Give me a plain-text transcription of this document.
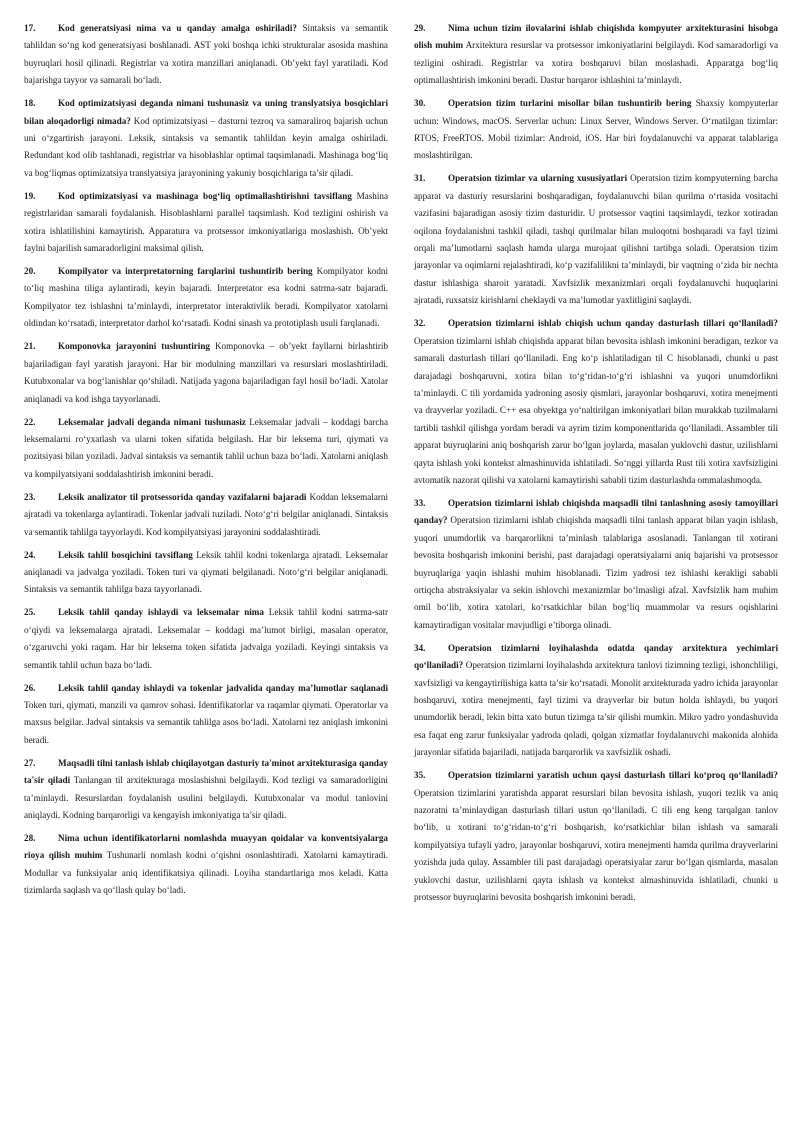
17. Kod generatsiyasi nima va u qanday amalga oshiriladi? Sintaksis va semantik tahlildan so‘ng kod generatsiyasi boshlanadi. AST yoki boshqa ichki strukturalar asosida mashina buyruqlari hosil qilinadi. Registrlar va xotira manzillari aniqlanadi. Ob’yekt fayl yaratiladi. Kod bajarishga tayyor va samarali bo‘ladi.

18. Kod optimizatsiyasi deganda nimani tushunasiz va uning translyatsiya bosqichlari bilan aloqadorligi nimada? Kod optimizatsiyasi – dasturni tezroq va samaraliroq bajarish uchun uni o‘zgartirish jarayoni. Leksik, sintaksis va semantik tahlildan keyin amalga oshiriladi. Redundant kod olib tashlanadi, registrlar va hisoblashlar optimal taqsimlanadi. Mashinaga bog‘liq va bog‘liqmas optimizatsiya translyatsiya jarayonining yakuniy bosqichlariga ta’sir qiladi.

19. Kod optimizatsiyasi va mashinaga bog‘liq optimallashtirishni tavsiflang Mashina registrlaridan samarali foydalanish. Hisoblashlarni parallel taqsimlash. Kod tezligini oshirish va xotira ishlatilishini kamaytirish. Apparatura va protsessor imkoniyatlariga moslashish. Ob’yekt faylni bajarilish samaradorligini maksimal qilish.

20. Kompilyator va interpretatorning farqlarini tushuntirib bering Kompilyator kodni to‘liq mashina tiliga aylantiradi, keyin bajaradi. Interpretator esa kodni satrma-satr bajaradi. Kompilyator tez ishlashni ta’minlaydi, interpretator interaktivlik beradi. Kompilyator xatolarni oldindan ko‘rsatadi, interpretator darhol ko‘rsatadi. Kodni sinash va prototiplash usuli farqlanadi.

21. Komponovka jarayonini tushuntiring Komponovka – ob’yekt fayllarni birlashtirib bajariladigan fayl yaratish jarayoni. Har bir modulning manzillari va resurslari moslashtiriladi. Kutubxonalar va bog‘lanishlar qo‘shiladi. Natijada yagona bajariladigan fayl hosil bo‘ladi. Xatolar aniqlanadi va kod ishga tayyorlanadi.

22. Leksemalar jadvali deganda nimani tushunasiz Leksemalar jadvali – koddagi barcha leksemalarni ro‘yxatlash va ularni token sifatida belgilash. Har bir leksema turi, qiymati va pozitsiyasi bilan yoziladi. Jadval sintaksis va semantik tahlil uchun baza bo‘ladi. Xatolarni aniqlash va kompilyatsiyani soddalashtirish imkonini beradi.

23. Leksik analizator til protsessorida qanday vazifalarni bajaradi Koddan leksemalarni ajratadi va tokenlarga aylantiradi. Tokenlar jadvali tuziladi. Noto‘g‘ri belgilar aniqlanadi. Sintaksis va semantik tahlilga tayyorlaydi. Kod kompilyatsiyasi jarayonini soddalashtiradi.

24. Leksik tahlil bosqichini tavsiflang Leksik tahlil kodni tokenlarga ajratadi. Leksemalar aniqlanadi va jadvalga yoziladi. Token turi va qiymati belgilanadi. Noto‘g‘ri belgilar aniqlanadi. Sintaksis va semantik tahlilga baza tayyorlanadi.

25. Leksik tahlil qanday ishlaydi va leksemalar nima Leksik tahlil kodni satrma-satr o‘qiydi va leksemalarga ajratadi. Leksemalar – koddagi ma’lumot birligi, masalan operator, o‘zgaruvchi yoki raqam. Har bir leksema token sifatida jadvalga yoziladi. Keyingi sintaksis va semantik tahlil uchun baza bo‘ladi.

26. Leksik tahlil qanday ishlaydi va tokenlar jadvalida qanday ma’lumotlar saqlanadi Token turi, qiymati, manzili va qamrov sohasi. Identifikatorlar va raqamlar qiymati. Operatorlar va maxsus belgilar. Jadval sintaksis va semantik tahlilga asos bo‘ladi. Xatolarni tez aniqlash imkonini beradi.

27. Maqsadli tilni tanlash ishlab chiqilayotgan dasturiy ta'minot arxitekturasiga qanday ta'sir qiladi Tanlangan til arxitekturaga moslashishni belgilaydi. Kod tezligi va samaradorligini ta’minlaydi. Resurslardan foydalanish usulini belgilaydi. Kutubxonalar va modul tanlovini aniqlaydi. Kodning barqarorligi va kengayish imkoniyatiga ta’sir qiladi.

28. Nima uchun identifikatorlarni nomlashda muayyan qoidalar va konventsiyalarga rioya qilish muhim Tushunarli nomlash kodni o‘qishni osonlashtiradi. Xatolarni kamaytiradi. Modullar va funksiyalar aniq identifikatsiya qilinadi. Loyiha standartlariga mos keladi. Katta tizimlarda saqlash va qo‘llash qulay bo‘ladi.

29. Nima uchun tizim ilovalarini ishlab chiqishda kompyuter arxitekturasini hisobga olish muhim Arxitektura resurslar va protsessor imkoniyatlarini belgilaydi. Kod samaradorligi va tezligini oshiradi. Registrlar va xotira boshqaruvi bilan moslashadi. Apparatga bog‘liq optimallashtirish imkonini beradi. Dastur barqaror ishlashini ta’minlaydi.

30. Operatsion tizim turlarini misollar bilan tushuntirib bering Shaxsiy kompyuterlar uchun: Windows, macOS. Serverlar uchun: Linux Server, Windows Server. O‘rnatilgan tizimlar: RTOS, FreeRTOS. Mobil tizimlar: Android, iOS. Har biri foydalanuvchi va apparat talablariga moslashtirilgan.

31. Operatsion tizimlar va ularning xususiyatlari Operatsion tizim kompyuterning barcha apparat va dasturiy resurslarini boshqaradigan, foydalanuvchi bilan qurilma o‘rtasida vositachi vazifasini bajaradigan asosiy tizim dasturidir. U protsessor vaqtini taqsimlaydi, tezkor xotiradan oqilona foydalanishni tashkil qiladi, tashqi qurilmalar bilan muloqotni boshqaradi va fayl tizimi orqali ma’lumotlarni saqlash hamda ularga murojaat qilishni tartibga soladi. Operatsion tizim jarayonlar va oqimlarni rejalashtiradi, ko‘p vazifalilikni ta’minlaydi, bir vaqtning o‘zida bir nechta dastur ishlashiga sharoit yaratadi. Xavfsizlik mexanizmlari orqali foydalanuvchi huquqlarini ajratadi, ruxsatsiz kirishlarni cheklaydi va ma’lumotlar yaxlitligini saqlaydi.

32. Operatsion tizimlarni ishlab chiqish uchun qanday dasturlash tillari qo‘llaniladi? Operatsion tizimlarni ishlab chiqishda apparat bilan bevosita ishlash imkonini beradigan, tezkor va samarali dasturlash tillari qo‘llaniladi. Eng ko‘p ishlatiladigan til C hisoblanadi, chunki u past darajadagi boshqaruvni, xotira bilan to‘g‘ridan-to‘g‘ri ishlashni va yuqori unumdorlikni ta’minlaydi. C tili yordamida yadroning asosiy qismlari, jarayonlar boshqaruvi, xotira menejmenti va drayverlar yoziladi. C++ esa obyektga yo‘naltirilgan imkoniyatlari bilan murakkab tuzilmalarni tartibli tashkil qilishga yordam beradi va ayrim tizim komponentlarida qo‘llaniladi. Assambler tili apparat buyruqlarini aniq boshqarish zarur bo‘lgan joylarda, masalan yuklovchi dastur, uzilishlarni qayta ishlash yoki kontekst almashinuvida ishlatiladi. So‘nggi yillarda Rust tili xotira xavfsizligini avtomatik nazorat qilishi va xatolarni kamaytirishi sababli tizim dasturlashda ommalashmoqda.

33. Operatsion tizimlarni ishlab chiqishda maqsadli tilni tanlashning asosiy tamoyillari qanday? Operatsion tizimlarni ishlab chiqishda maqsadli tilni tanlash apparat bilan yaqin ishlash, yuqori unumdorlik va barqarorlikni ta’minlash talablariga asoslanadi. Tanlangan til xotirani bevosita boshqarish imkonini berishi, past darajadagi operatsiyalarni aniq bajarishi va protsessor buyruqlariga yaqin ishlashi muhim hisoblanadi. Tizim yadrosi tez ishlashi kerakligi sababli ortiqcha abstraksiyalar va sekin ishlovchi mexanizmlar bo‘lmasligi afzal. Xavfsizlik ham muhim omil bo‘lib, xotira xatolari, ko‘rsatkichlar bilan bog‘liq muammolar va resurs oqishlarini kamaytiradigan vositalar mavjudligi e’tiborga olinadi.

34. Operatsion tizimlarni loyihalashda odatda qanday arxitektura yechimlari qo‘llaniladi? Operatsion tizimlarni loyihalashda arxitektura tanlovi tizimning tezligi, ishonchliligi, xavfsizligi va kengaytirilishiga katta ta’sir ko‘rsatadi. Monolit arxitekturada yadro ichida jarayonlar boshqaruvi, xotira menejmenti, fayl tizimi va drayverlar bir butun holda ishlaydi, bu yuqori unumdorlik beradi, lekin bitta xato butun tizimga ta’sir qilishi mumkin. Mikro yadro yondashuvida esa faqat eng zarur funksiyalar yadroda qoladi, qolgan xizmatlar foydalanuvchi makonida alohida jarayonlar sifatida bajariladi, natijada barqarorlik va xavfsizlik oshadi.

35. Operatsion tizimlarni yaratish uchun qaysi dasturlash tillari ko‘proq qo‘llaniladi? Operatsion tizimlarini yaratishda apparat resurslari bilan bevosita ishlash, yuqori tezlik va aniq nazoratni ta’minlaydigan dasturlash tillari ustun qo‘llaniladi. C tili eng keng tarqalgan tanlov bo‘lib, u xotirani to‘g‘ridan-to‘g‘ri boshqarish, ko‘rsatkichlar bilan ishlash va samarali kompilyatsiya tufayli yadro, jarayonlar boshqaruvi, xotira menejmenti hamda qurilma drayverlarini yozishda juda qulay. Assambler tili past darajadagi operatsiyalar zarur bo‘lgan qismlarda, masalan yuklovchi dastur, uzilishlarni qayta ishlash va kontekst almashinuvida ishlatiladi, chunki u protsessor buyruqlarini bevosita boshqarish imkonini beradi.
